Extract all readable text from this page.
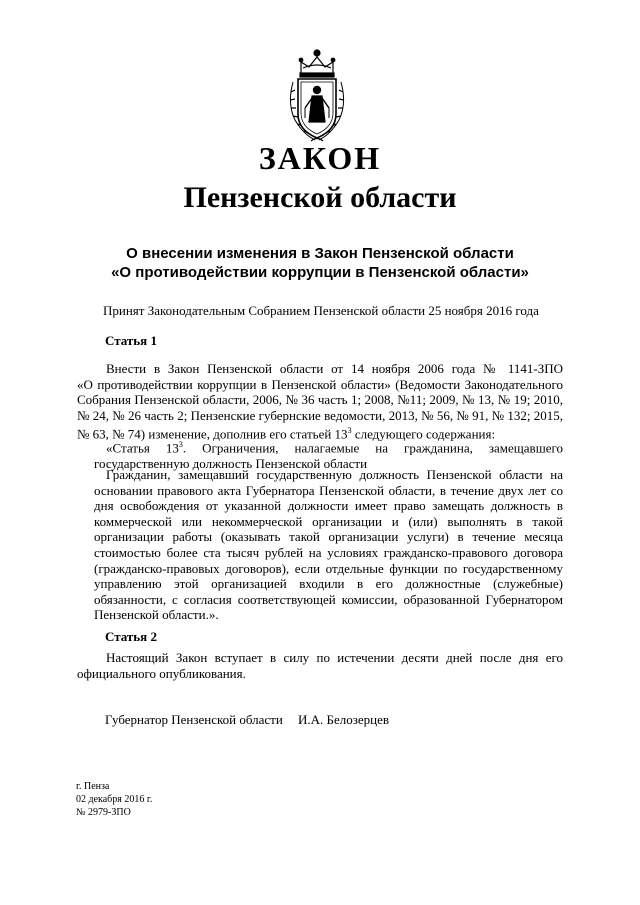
ЗАКОН
Пензенской области
О внесении изменения в Закон Пензенской области
«О противодействии коррупции в Пензенской области»

Принят Законодательным Собранием Пензенской области 25 ноября 2016 года

Статья 1

Внести в Закон Пензенской области от 14 ноября 2006 года № 1141-ЗПО
«О противодействии коррупции в Пензенской области» (Ведомости Законодательного
Собрания Пензенской области, 2006, № 36 часть 1; 2008, №11; 2009, № 13, № 19; 2010,
№ 24, № 26 часть 2; Пензенские губернские ведомости, 2013, № 56, № 91, № 132; 2015,
№ 63, № 74) изменение, дополнив его статьей $13^3$ следующего содержания:
«Статья $13^3$. Ограничения, налагаемые на гражданина, замещавшего
государственную должность Пензенской области
Гражданин, замещавший государственную должность Пензенской области на
основании правового акта Губернатора Пензенской области, в течение двух лет со
дня освобождения от указанной должности имеет право замещать должность в
коммерческой или некоммерческой организации и (или) выполнять в такой
организации работы (оказывать такой организации услуги) в течение месяца
стоимостью более ста тысяч рублей на условиях гражданско-правового договора
(гражданско-правовых договоров), если отдельные функции по государственному
управлению этой организацией входили в его должностные (служебные)
обязанности, с согласия соответствующей комиссии, образованной Губернатором
Пензенской области.».

Статья 2

Настоящий Закон вступает в силу по истечении десяти дней после дня его
официального опубликования.

Губернатор Пензенской области И.А. Белозерцев

г. Пенза

02 декабря 2016 г.

№ 2979-ЗПО
